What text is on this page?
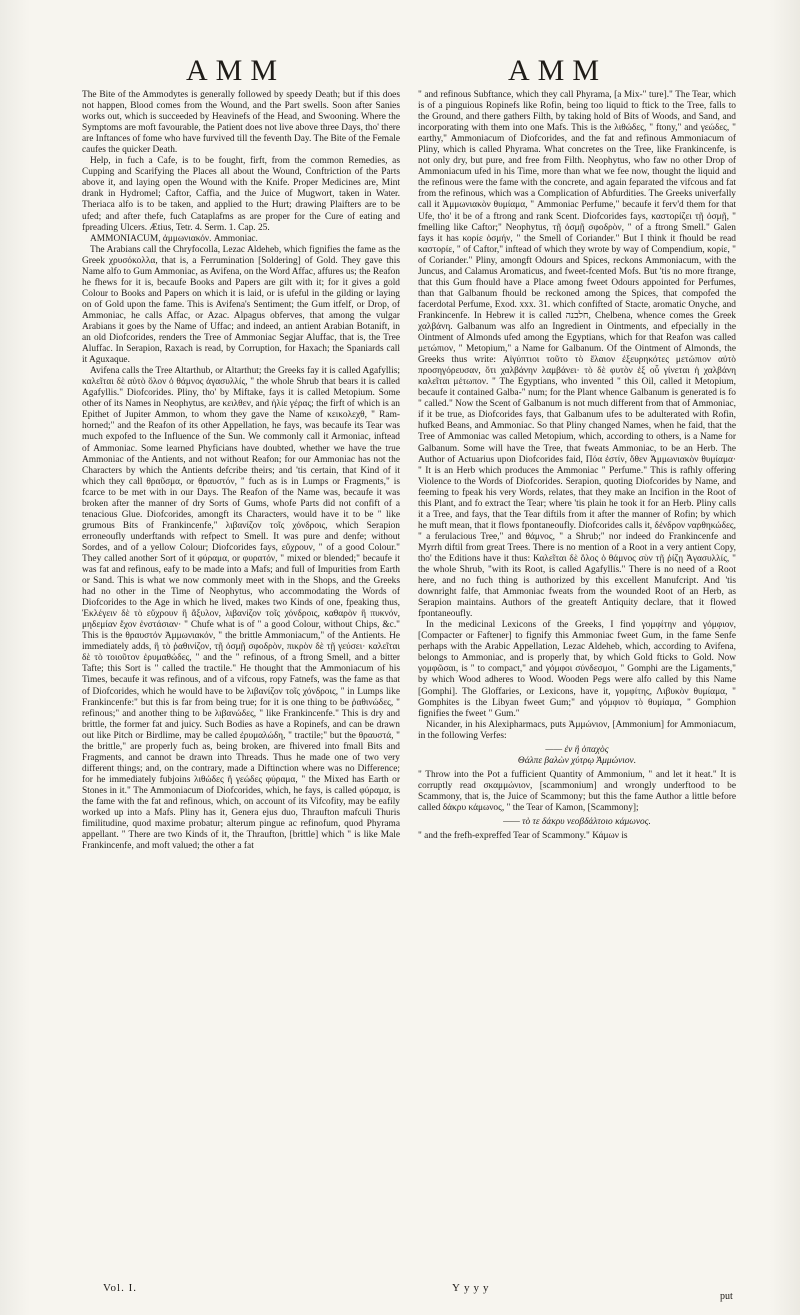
AMM	AMM

The Bite of the Ammodytes is generally followed by speedy Death; but if this does not happen, Blood comes from the Wound, and the Part swells. Soon after Sanies works out, which is succeeded by Heavinefs of the Head, and Swooning. Where the Symptoms are moft favourable, the Patient does not live above three Days, tho' there are Inftances of fome who have furvived till the feventh Day. The Bite of the Female caufes the quicker Death.

Help, in fuch a Cafe, is to be fought, firft, from the common Remedies, as Cupping and Scarifying the Places all about the Wound, Conftriction of the Parts above it, and laying open the Wound with the Knife. Proper Medicines are, Mint drank in Hydromel; Caftor, Caffia, and the Juice of Mugwort, taken in Water. Theriaca alfo is to be taken, and applied to the Hurt; drawing Plaifters are to be ufed; and after thefe, fuch Cataplafms as are proper for the Cure of eating and fpreading Ulcers. Ætius, Tetr. 4. Serm. 1. Cap. 25.

AMMONIACUM, ἀμμωνιακόν. Ammoniac.

The Arabians call the Chryfocolla, Lezac Aldeheb, which fignifies the fame as the Greek χρυσόκολλα, that is, a Ferrumination [Soldering] of Gold. They gave this Name alfo to Gum Ammoniac, as Avifena, on the Word Affac, affures us; the Reafon he fhews for it is, becaufe Books and Papers are gilt with it; for it gives a gold Colour to Books and Papers on which it is laid, or is ufeful in the gilding or laying on of Gold upon the fame. This is Avifena's Sentiment; the Gum itfelf, or Drop, of Ammoniac, he calls Affac, or Azac. Alpagus obferves, that among the vulgar Arabians it goes by the Name of Uffac; and indeed, an antient Arabian Botanift, in an old Diofcorides, renders the Tree of Ammoniac Segjar Aluffac, that is, the Tree Aluffac. In Serapion, Raxach is read, by Corruption, for Haxach; the Spaniards call it Aguxaque.

Avifena calls the Tree Altarthub, or Altarthut; the Greeks fay it is called Agafyllis; καλεῖται δὲ αὐτὸ ὅλον ὁ θάμνος ἀγασυλλίς, " the whole Shrub that bears it is called Agafyllis." Diofcorides. Pliny, tho' by Miftake, fays it is called Metopium. Some other of its Names in Neophytus, are κειλθεν, and ἡλίε γέρας; the firft of which is an Epithet of Jupiter Ammon, to whom they gave the Name of κεικολεχθ, " Ram-horned;" and the Reafon of its other Appellation, he fays, was becaufe its Tear was much expofed to the Influence of the Sun. We commonly call it Armoniac, inftead of Ammoniac. Some learned Phyficians have doubted, whether we have the true Ammoniac of the Antients, and not without Reafon; for our Ammoniac has not the Characters by which the Antients defcribe theirs; and 'tis certain, that Kind of it which they call θραῦσμα, or θραυστόν, " fuch as is in Lumps or Fragments," is fcarce to be met with in our Days. The Reafon of the Name was, becaufe it was broken after the manner of dry Sorts of Gums, whofe Parts did not confift of a tenacious Glue. Diofcorides, amongft its Characters, would have it to be " like grumous Bits of Frankincenfe," λιβανίζον τοῖς χόνδροις, which Serapion erroneoufly underftands with refpect to Smell. It was pure and denfe; without Sordes, and of a yellow Colour; Diofcorides fays, εὔχρουν, " of a good Colour." They called another Sort of it φύραμα, or φυρατόν, " mixed or blended;" becaufe it was fat and refinous, eafy to be made into a Mafs; and full of Impurities from Earth or Sand. This is what we now commonly meet with in the Shops, and the Greeks had no other in the Time of Neophytus, who accommodating the Words of Diofcorides to the Age in which he lived, makes two Kinds of one, fpeaking thus, Ἐκλέγειν δὲ τὸ εὔχρουν ἢ ἄξυλον, λιβανίζον τοῖς χόνδροις, καθαρὸν ἢ πυκνόν, μηδεμίαν ἔχον ἐνστάσιαν· " Chufe what is of " a good Colour, without Chips, &c." This is the θραυστόν Ἀμμωνιακόν, " the brittle Ammoniacum," of the Antients. He immediately adds, ἢ τὸ ῥαθινίζον, τῇ ὀσμῇ σφοδρὸν, πικρὸν δὲ τῇ γεύσει· καλεῖται δὲ τὸ τοιοῦτον ἐρυμαθώδες, " and the " refinous, of a ftrong Smell, and a bitter Tafte; this Sort is " called the tractile." He thought that the Ammoniacum of his Times, becaufe it was refinous, and of a vifcous, ropy Fatnefs, was the fame as that of Diofcorides, which he would have to be λιβανίζον τοῖς χόνδροις, " in Lumps like Frankincenfe:" but this is far from being true; for it is one thing to be ῥαθινώδες, " refinous;" and another thing to be λιβανώδες, " like Frankincenfe." This is dry and brittle, the former fat and juicy. Such Bodies as have a Ropinefs, and can be drawn out like Pitch or Birdlime, may be called ἐρυμαλώδη, " tractile;" but the θραυστά, " the brittle," are properly fuch as, being broken, are fhivered into fmall Bits and Fragments, and cannot be drawn into Threads. Thus he made one of two very different things; and, on the contrary, made a Diftinction where was no Difference; for he immediately fubjoins λιθώδες ἢ γεώδες φύραμα, " the Mixed has Earth or Stones in it." The Ammoniacum of Diofcorides, which, he fays, is called φύραμα, is the fame with the fat and refinous, which, on account of its Vifcofity, may be eafily worked up into a Mafs. Pliny has it, Genera ejus duo, Thraufton mafculi Thuris fimilitudine, quod maxime probatur; alterum pingue ac refinofum, quod Phyrama appellant. " There are two Kinds of it, the Thraufton, [brittle] which " is like Male Frankincenfe, and moft valued; the other a fat

" and refinous Subftance, which they call Phyrama, [a Mix-" ture]." The Tear, which is of a pinguious Ropinefs like Rofin, being too liquid to ftick to the Tree, falls to the Ground, and there gathers Filth, by taking hold of Bits of Woods, and Sand, and incorporating with them into one Mafs. This is the λιθώδες, " ftony," and γεώδες, " earthy," Ammoniacum of Diofcorides, and the fat and refinous Ammoniacum of Pliny, which is called Phyrama. What concretes on the Tree, like Frankincenfe, is not only dry, but pure, and free from Filth. Neophytus, who faw no other Drop of Ammoniacum ufed in his Time, more than what we fee now, thought the liquid and the refinous were the fame with the concrete, and again feparated the vifcous and fat from the refinous, which was a Complication of Abfurdities. The Greeks univerfally call it Ἀμμωνιακὸν θυμίαμα, " Ammoniac Perfume," becaufe it ferv'd them for that Ufe, tho' it be of a ftrong and rank Scent. Diofcorides fays, καστορίζει τῇ ὀσμῇ, " fmelling like Caftor;" Neophytus, τῇ ὀσμῇ σφοδρὸν, " of a ftrong Smell." Galen fays it has κορίε ὀσμήν, " the Smell of Coriander." But I think it fhould be read καστορίε, " of Caftor," inftead of which they wrote by way of Compendium, κορίε, " of Coriander." Pliny, amongft Odours and Spices, reckons Ammoniacum, with the Juncus, and Calamus Aromaticus, and fweet-fcented Mofs. But 'tis no more ftrange, that this Gum fhould have a Place among fweet Odours appointed for Perfumes, than that Galbanum fhould be reckoned among the Spices, that compofed the facerdotal Perfume, Exod. xxx. 31. which confifted of Stacte, aromatic Onyche, and Frankincenfe. In Hebrew it is called חלבנה, Chelbena, whence comes the Greek χαλβάνη. Galbanum was alfo an Ingredient in Ointments, and efpecially in the Ointment of Almonds ufed among the Egyptians, which for that Reafon was called μετώπιον, " Metopium," a Name for Galbanum. Of the Ointment of Almonds, the Greeks thus write: Αἰγύπτιοι τοῦτο τὸ ἔλαιον ἐξευρηκότες μετώπιον αὐτὸ προσηγόρευσαν, ὅτι χαλβάνην λαμβάνει· τὸ δὲ φυτὸν ἐξ οὗ γίνεται ἡ χαλβάνη καλεῖται μέτωπον. " The Egyptians, who invented " this Oil, called it Metopium, becaufe it contained Galba-" num; for the Plant whence Galbanum is generated is fo " called." Now the Scent of Galbanum is not much different from that of Ammoniac, if it be true, as Diofcorides fays, that Galbanum ufes to be adulterated with Rofin, hufked Beans, and Ammoniac. So that Pliny changed Names, when he faid, that the Tree of Ammoniac was called Metopium, which, according to others, is a Name for Galbanum. Some will have the Tree, that fweats Ammoniac, to be an Herb. The Author of Actuarius upon Diofcorides faid, Πόα ἐστίν, ὅθεν Ἀμμωνιακὸν θυμίαμα· " It is an Herb which produces the Ammoniac " Perfume." This is rafhly offering Violence to the Words of Diofcorides. Serapion, quoting Diofcorides by Name, and feeming to fpeak his very Words, relates, that they make an Incifion in the Root of this Plant, and fo extract the Tear; where 'tis plain he took it for an Herb. Pliny calls it a Tree, and fays, that the Tear diftils from it after the manner of Rofin; by which he muft mean, that it flows fpontaneoufly. Diofcorides calls it, δένδρον ναρθηκώδες, " a ferulacious Tree," and θάμνος, " a Shrub;" nor indeed do Frankincenfe and Myrrh diftil from great Trees. There is no mention of a Root in a very antient Copy, tho' the Editions have it thus: Καλεῖται δὲ ὅλος ὁ θάμνος σὺν τῇ ῥίζῃ Ἀγασυλλίς, " the whole Shrub, "with its Root, is called Agafyllis." There is no need of a Root here, and no fuch thing is authorized by this excellent Manufcript. And 'tis downright falfe, that Ammoniac fweats from the wounded Root of an Herb, as Serapion maintains. Authors of the greateft Antiquity declare, that it flowed fpontaneoufly.

In the medicinal Lexicons of the Greeks, I find γομφίτην and γόμφιον, [Compacter or Faftener] to fignify this Ammoniac fweet Gum, in the fame Senfe perhaps with the Arabic Appellation, Lezac Aldeheb, which, according to Avifena, belongs to Ammoniac, and is properly that, by which Gold fticks to Gold. Now γομφῶσαι, is " to compact," and γόμφοι σύνδεσμοι, " Gomphi are the Ligaments," by which Wood adheres to Wood. Wooden Pegs were alfo called by this Name [Gomphi]. The Gloffaries, or Lexicons, have it, γομφίτης, Λιβυκὸν θυμίαμα, " Gomphites is the Libyan fweet Gum;" and γόμφιον τὸ θυμίαμα, " Gomphion fignifies the fweet " Gum."

Nicander, in his Alexipharmacs, puts Ἀμμώνιον, [Ammonium] for Ammoniacum, in the following Verfes:

—— ἐν ἢ ὀπαχὸς
Θάλπε βαλὼν χύτρῳ Ἀμμώνιον.

" Throw into the Pot a fufficient Quantity of Ammonium, " and let it heat." It is corruptly read σκαμμώνιον, [scammonium] and wrongly underftood to be Scammony, that is, the Juice of Scammony; but this the fame Author a little before called δάκρυ κάμωνος, " the Tear of Kamon, [Scammony];

—— τὸ τε δάκρυ νεοβδάλτοιο κάμωνος.

" and the frefh-expreffed Tear of Scammony." Κάμων is

Vol. I.	Yyyy
put
